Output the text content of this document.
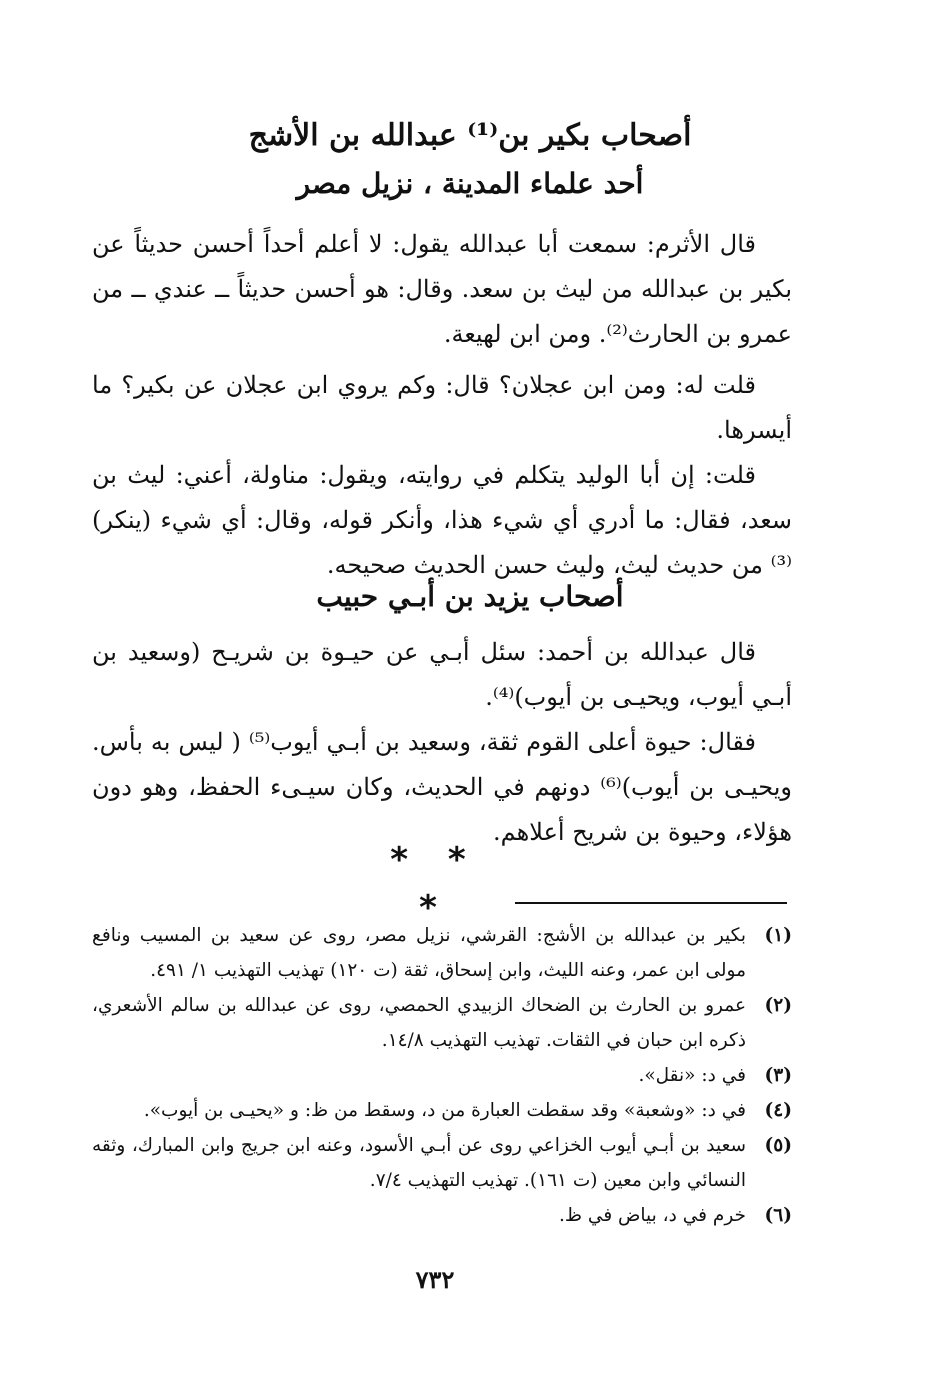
أصحاب بكير بن⁽¹⁾ عبدالله بن الأشج
أحد علماء المدينة ، نزيل مصر

قال الأثرم: سمعت أبا عبدالله يقول: لا أعلم أحداً أحسن حديثاً عن بكير بن عبدالله من ليث بن سعد. وقال: هو أحسن حديثاً ــ عندي ــ من عمرو بن الحارث⁽²⁾. ومن ابن لهيعة.

قلت له: ومن ابن عجلان؟ قال: وكم يروي ابن عجلان عن بكير؟ ما أيسرها.

قلت: إن أبا الوليد يتكلم في روايته، ويقول: مناولة، أعني: ليث بن سعد، فقال: ما أدري أي شيء هذا، وأنكر قوله، وقال: أي شيء (ينكر)⁽³⁾ من حديث ليث، وليث حسن الحديث صحيحه.

أصحاب يزيد بن أبـي حبيب

قال عبدالله بن أحمد: سئل أبـي عن حيـوة بن شريـح (وسعيد بن أبـي أيوب، ويحيـى بن أيوب)⁽⁴⁾.

فقال: حيوة أعلى القوم ثقة، وسعيد بن أبـي أيوب⁽⁵⁾ ( ليس به بأس. ويحيـى بن أيوب)⁽⁶⁾ دونهم في الحديث، وكان سيـىء الحفظ، وهو دون هؤلاء، وحيوة بن شريح أعلاهم.

* * *
(١)
بكير بن عبدالله بن الأشج: القرشي، نزيل مصر، روى عن سعيد بن المسيب ونافع مولى ابن عمر، وعنه الليث، وابن إسحاق، ثقة (ت ١٢٠) تهذيب التهذيب ١/ ٤٩١.
(٢)
عمرو بن الحارث بن الضحاك الزبيدي الحمصي، روى عن عبدالله بن سالم الأشعري، ذكره ابن حبان في الثقات. تهذيب التهذيب ١٤/٨.
(٣)
في د: «نقل».
(٤)
في د: «وشعبة» وقد سقطت العبارة من د، وسقط من ظ: و «يحيـى بن أيوب».
(٥)
سعيد بن أبـي أيوب الخزاعي روى عن أبـي الأسود، وعنه ابن جريج وابن المبارك، وثقه النسائي وابن معين (ت ١٦١). تهذيب التهذيب ٧/٤.
(٦)
خرم في د، بياض في ظ.
٧٣٢
